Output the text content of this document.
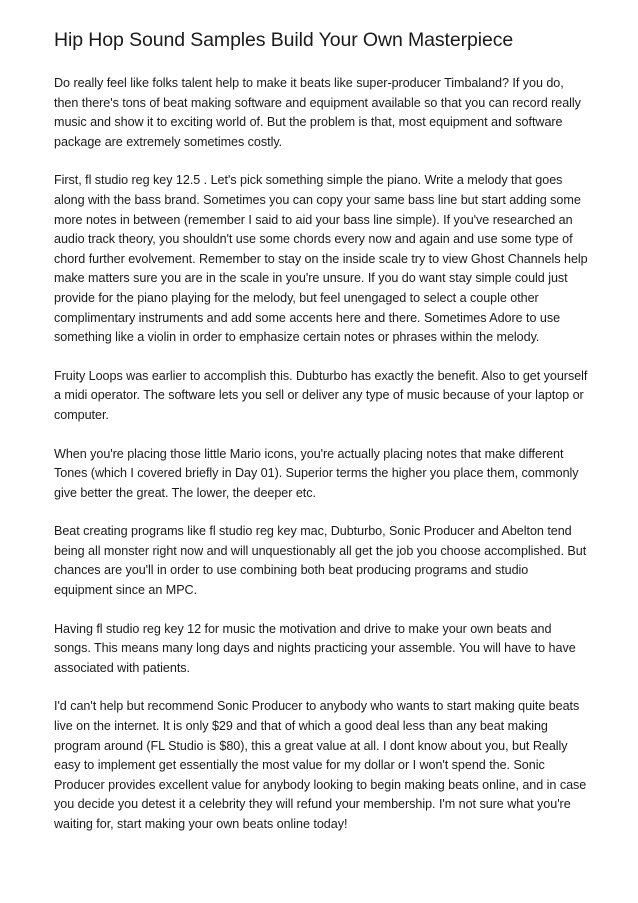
Hip Hop Sound Samples Build Your Own Masterpiece

Do really feel like folks talent help to make it beats like super-producer Timbaland? If you do, then there's tons of beat making software and equipment available so that you can record really music and show it to exciting world of. But the problem is that, most equipment and software package are extremely sometimes costly.

First, fl studio reg key 12.5 . Let's pick something simple the piano. Write a melody that goes along with the bass brand. Sometimes you can copy your same bass line but start adding some more notes in between (remember I said to aid your bass line simple). If you've researched an audio track theory, you shouldn't use some chords every now and again and use some type of chord further evolvement. Remember to stay on the inside scale try to view Ghost Channels help make matters sure you are in the scale in you're unsure. If you do want stay simple could just provide for the piano playing for the melody, but feel unengaged to select a couple other complimentary instruments and add some accents here and there. Sometimes Adore to use something like a violin in order to emphasize certain notes or phrases within the melody.

Fruity Loops was earlier to accomplish this. Dubturbo has exactly the benefit. Also to get yourself a midi operator. The software lets you sell or deliver any type of music because of your laptop or computer.

When you're placing those little Mario icons, you're actually placing notes that make different Tones (which I covered briefly in Day 01). Superior terms the higher you place them, commonly give better the great. The lower, the deeper etc.

Beat creating programs like fl studio reg key mac, Dubturbo, Sonic Producer and Abelton tend being all monster right now and will unquestionably all get the job you choose accomplished. But chances are you'll in order to use combining both beat producing programs and studio equipment since an MPC.

Having fl studio reg key 12 for music the motivation and drive to make your own beats and songs. This means many long days and nights practicing your assemble. You will have to have associated with patients.

I'd can't help but recommend Sonic Producer to anybody who wants to start making quite beats live on the internet. It is only $29 and that of which a good deal less than any beat making program around (FL Studio is $80), this a great value at all. I dont know about you, but Really easy to implement get essentially the most value for my dollar or I won't spend the. Sonic Producer provides excellent value for anybody looking to begin making beats online, and in case you decide you detest it a celebrity they will refund your membership. I'm not sure what you're waiting for, start making your own beats online today!
